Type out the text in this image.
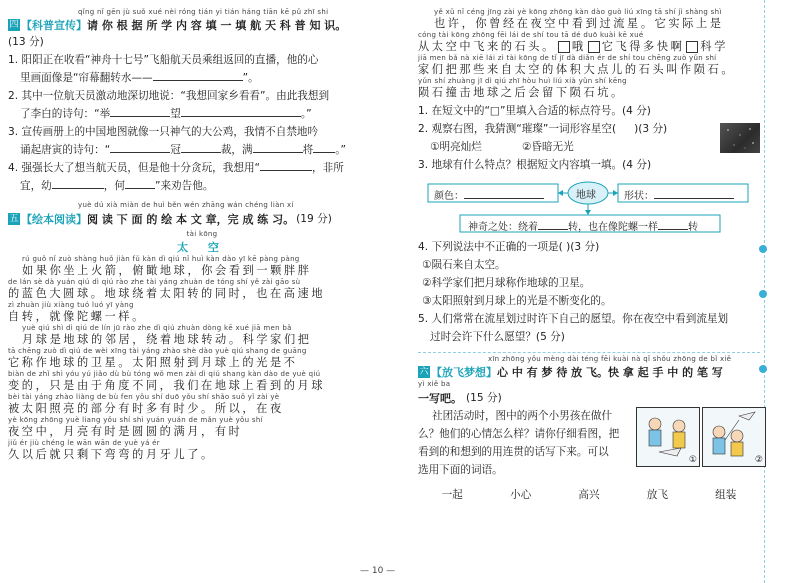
qǐng nǐ gēn jù suǒ xué nèi róng tián yi tián háng tiān kē pǔ zhī shi
四 【科普宣传】 请 你 根 据 所 学 内 容 填 一 填 航 天 科 普 知 识。
(13 分)
1. 阳阳正在收看“神舟十七号”飞船航天员乘组返回的直播，他的心
里画面像是“帘幕翻转水——	”。
2. 其中一位航天员激动地深切地说：“我想回家乡看看”。由此我想到
了李白的诗句：“举	望	。”
3. 宣传画册上的中国地图就像一只神气的大公鸡，我情不自禁地吟
诵起唐寅的诗句：“	冠	裁，满	将 。”
4. 强强长大了想当航天员，但是他十分贪玩，我想用“	，非所
宜，幼	，何	”来劝告他。
yuè dú xià miàn de huì běn wén zhāng wán chéng liàn xí
五 【绘本阅读】 阅 读 下 面 的 绘 本 文 章，完 成 练 习。 (19 分)
tài kōng
太 空
rú guǒ nǐ zuò shàng huǒ jiàn fǔ kàn dì qiú nǐ huì kàn dào yī kē pàng pàng
如果你坐上火箭，俯瞰地球，你会看到一颗胖胖
de lán sè dà yuán qiú dì qiú rào zhe tài yáng zhuàn de tóng shí yě zài gāo sù
的蓝色大圆球。地球绕着太阳转的同时，也在高速地
zì zhuàn jiù xiàng tuó luó yī yàng
自转，就像陀螺一样。
yuè qiú shì dì qiú de lín jū rào zhe dì qiú zhuàn dòng kē xué jiā men bǎ
月球是地球的邻居，绕着地球转动。科学家们把
tā chēng zuò dì qiú de wèi xīng tài yáng zhào shè dào yuè qiú shang de guāng
它称作地球的卫星。太阳照射到月球上的光是不
biàn de zhǐ shì yóu yú jiǎo dù bù tóng wǒ men zài dì qiú shang kàn dào de yuè qiú
变的，只是由于角度不同，我们在地球上看到的月球
bèi tài yáng zhào liàng de bù fen yǒu shí duō yǒu shí shǎo suǒ yǐ zài yè
被太阳照亮的部分有时多有时少。所以，在夜
yè kōng zhōng yuè liang yǒu shí shì yuán yuán de mǎn yuè yǒu shí
夜空中，月亮有时是圆圆的满月，有时
jiǔ ér jiù chéng le wān wān de yuè yá ér
久以后就只剩下弯弯的月牙儿了。
yě xǔ nǐ céng jīng zài yè kōng zhōng kàn dào guò liú xīng tā shí jì shàng shì
也许，你曾经在夜空中看到过流星。它实际上是
cóng tài kōng zhōng fēi lái de shí tou tā dé duō kuài kē xué
从太空中飞来的石头。 哦 它飞得多快啊 科学
jiā men bǎ nà xiē lái zì tài kōng de tǐ jī dà diǎn ér de shí tou chēng zuò yǔn shí
家们把那些来自太空的体积大点儿的石头叫作陨石。
yǔn shí zhuàng jī dì qiú zhī hòu huì liú xià yǔn shí kēng
陨石撞击地球之后会留下陨石坑。
1. 在短文中的“□”里填入合适的标点符号。(4 分)
2. 观察右图，我猜测“璀璨”一词形容星空( )(3 分)
①明亮灿烂	②昏暗无光
3. 地球有什么特点？根据短文内容填一填。(4 分)
地球
颜色：	形状：
神奇之处：绕着	转，也在像陀螺一样	转
4. 下列说法中不正确的一项是( )(3 分)
①陨石来自太空。
②科学家们把月球称作地球的卫星。
③太阳照射到月球上的光是不断变化的。
5. 人们常常在流星划过时许下自己的愿望。你在夜空中看到流星划
过时会许下什么愿望？(5 分)
xīn zhōng yǒu mèng dài téng fēi kuài nà qǐ shǒu zhōng de bǐ xiě
六 【放飞梦想】 心 中 有 梦 待 放 飞。快 拿 起 手 中 的 笔 写
yì xiě ba
一写吧。 (15 分)
社团活动时，图中的两个小男孩在做什
么？他们的心情怎么样？请你仔细看图，把
看到的和想到的用连贯的话写下来。可以
选用下面的词语。
①	②
一起	小心	高兴	放飞	组装
— 10 —
